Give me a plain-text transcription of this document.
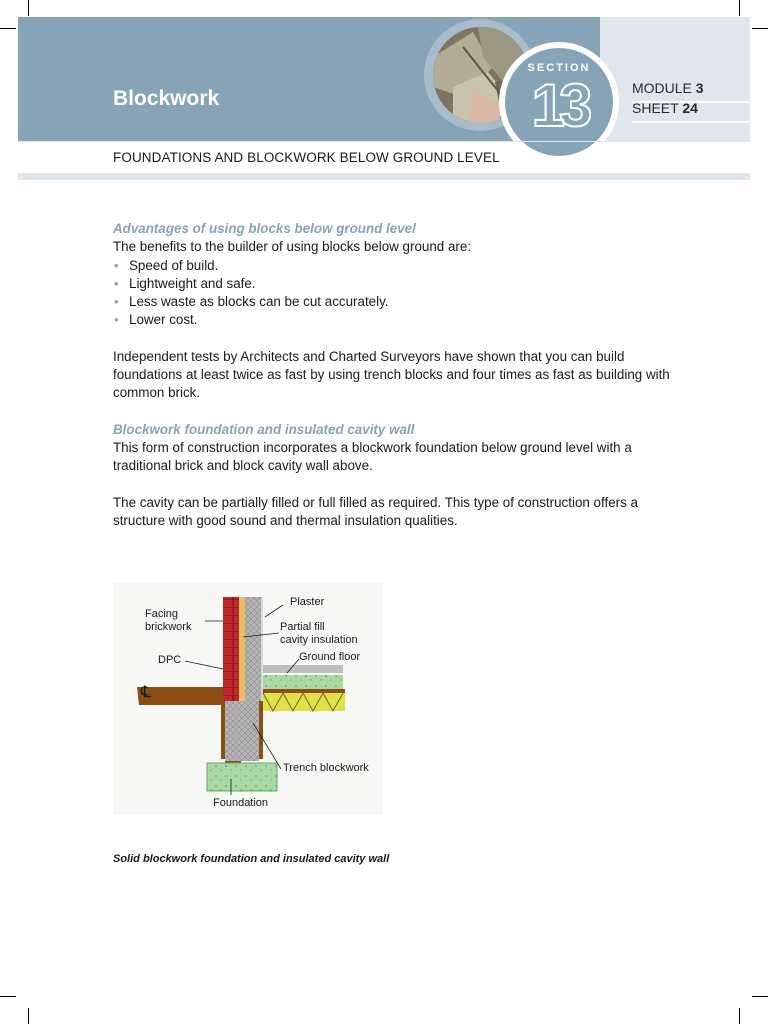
Blockwork
SECTION
13	MODULE 3
SHEET 24
FOUNDATIONS AND BLOCKWORK BELOW GROUND LEVEL

Advantages of using blocks below ground level

The benefits to the builder of using blocks below ground are:

• Speed of build.
• Lightweight and safe.
• Less waste as blocks can be cut accurately.
• Lower cost.

Independent tests by Architects and Charted Surveyors have shown that you can build foundations at least twice as fast by using trench blocks and four times as fast as building with common brick.

Blockwork foundation and insulated cavity wall

This form of construction incorporates a blockwork foundation below ground level with a traditional brick and block cavity wall above.

The cavity can be partially filled or full filled as required. This type of construction offers a structure with good sound and thermal insulation qualities.

℄
Facing
brickwork
DPC
Plaster
Partial fill
cavity insulation
Ground floor
Trench blockwork
Foundation
Solid blockwork foundation and insulated cavity wall
